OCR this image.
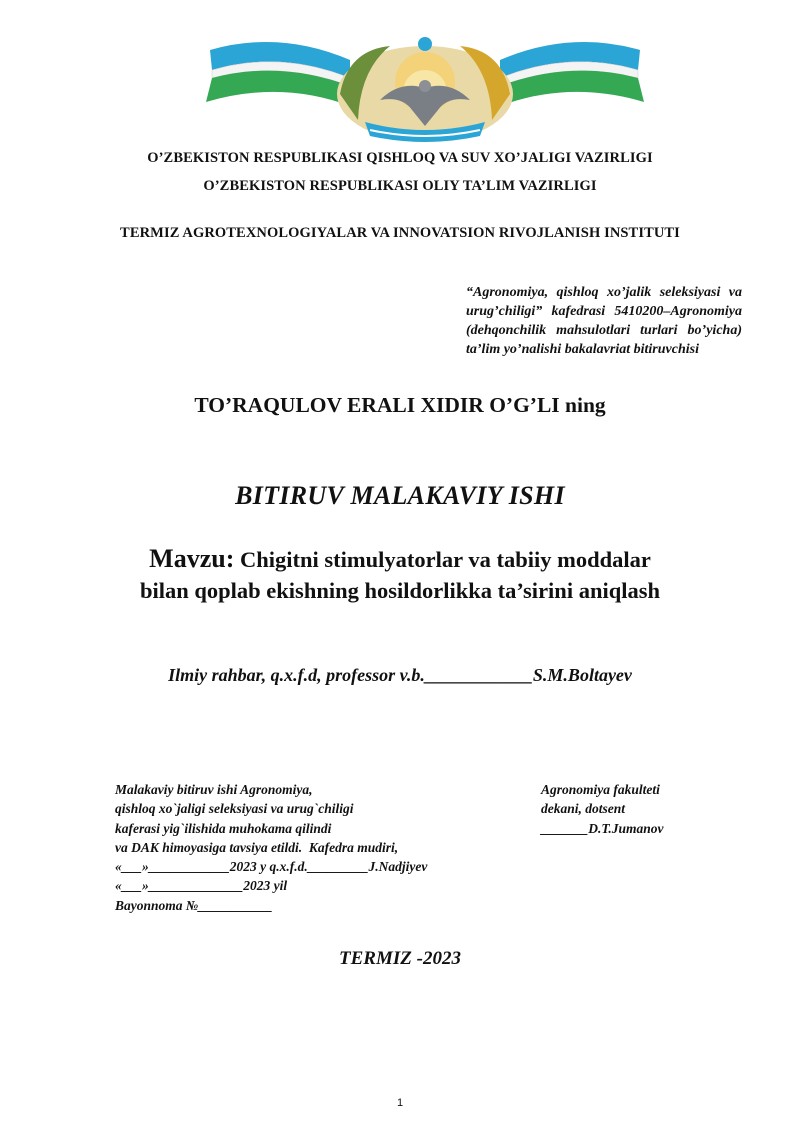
O’ZBEKISTON RESPUBLIKASI QISHLOQ VA SUV XO’JALIGI VAZIRLIGI
O’ZBEKISTON RESPUBLIKASI OLIY TA’LIM VAZIRLIGI
TERMIZ AGROTEXNOLOGIYALAR VA INNOVATSION RIVOJLANISH INSTITUTI
“Agronomiya, qishloq xo’jalik seleksiyasi va urug’chiligi” kafedrasi 5410200–Agronomiya (dehqonchilik mahsulotlari turlari bo’yicha) ta’lim yo’nalishi bakalavriat bitiruvchisi
TO’RAQULOV ERALI XIDIR O’G’LI ning
BITIRUV MALAKAVIY ISHI
Mavzu: Chigitni stimulyatorlar va tabiiy moddalar
bilan qoplab ekishning hosildorlikka ta’sirini aniqlash
Ilmiy rahbar, q.x.f.d, professor v.b.____________S.M.Boltayev
Malakaviy bitiruv ishi Agronomiya,
qishloq xo`jaligi seleksiyasi va urug`chiligi
kaferasi yig`ilishida muhokama qilindi
va DAK himoyasiga tavsiya etildi.  Kafedra mudiri,
«___»____________2023 y q.x.f.d._________J.Nadjiyev
«___»______________2023 yil
Bayonnoma №___________
Agronomiya fakulteti
dekani, dotsent
_______D.T.Jumanov
TERMIZ -2023
1
